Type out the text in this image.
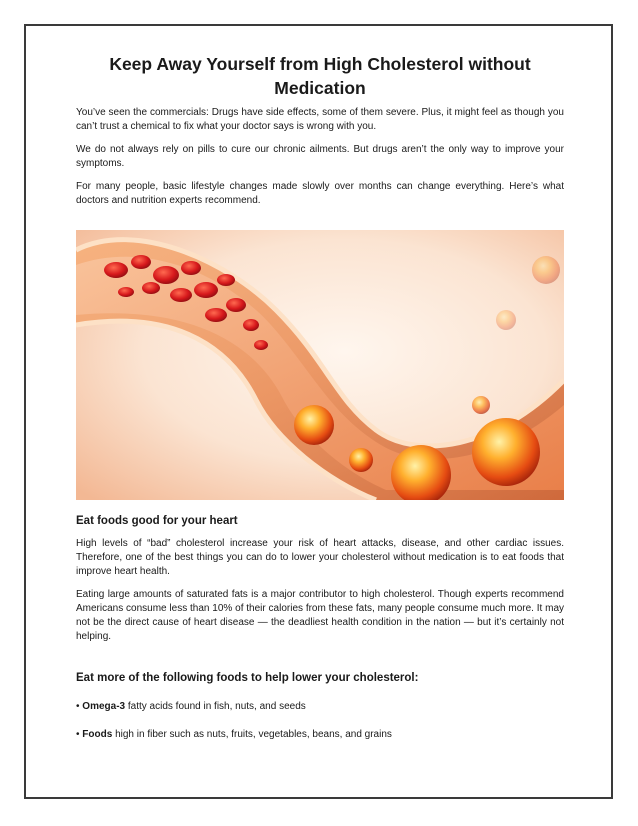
Keep Away Yourself from High Cholesterol without Medication

You’ve seen the commercials: Drugs have side effects, some of them severe. Plus, it might feel as though you can’t trust a chemical to fix what your doctor says is wrong with you.

We do not always rely on pills to cure our chronic ailments. But drugs aren’t the only way to improve your symptoms.

For many people, basic lifestyle changes made slowly over months can change everything. Here’s what doctors and nutrition experts recommend.

Eat foods good for your heart

High levels of “bad” cholesterol increase your risk of heart attacks, disease, and other cardiac issues. Therefore, one of the best things you can do to lower your cholesterol without medication is to eat foods that improve heart health.

Eating large amounts of saturated fats is a major contributor to high cholesterol. Though experts recommend Americans consume less than 10% of their calories from these fats, many people consume much more. It may not be the direct cause of heart disease — the deadliest health condition in the nation — but it’s certainly not helping.

Eat more of the following foods to help lower your cholesterol:

• Omega-3 fatty acids found in fish, nuts, and seeds

• Foods high in fiber such as nuts, fruits, vegetables, beans, and grains
